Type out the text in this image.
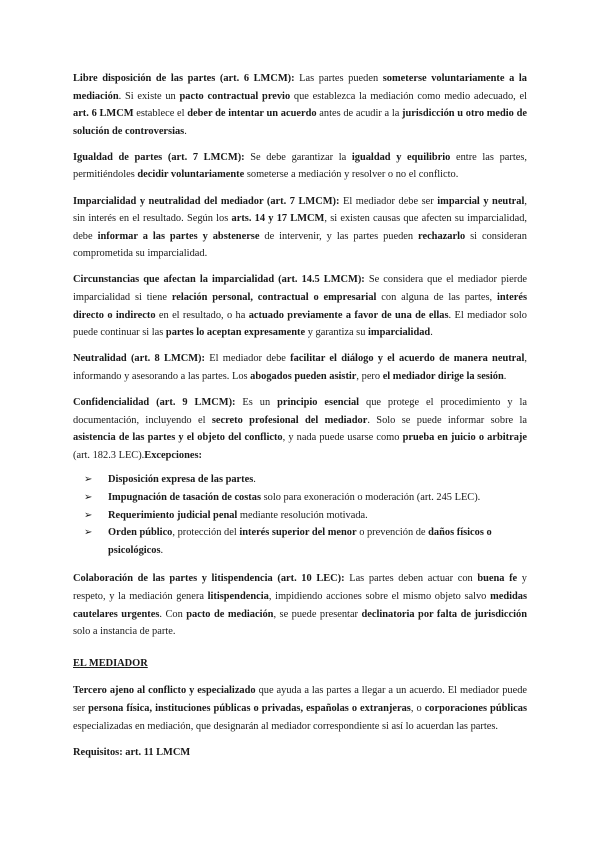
Libre disposición de las partes (art. 6 LMCM): Las partes pueden someterse voluntariamente a la mediación. Si existe un pacto contractual previo que establezca la mediación como medio adecuado, el art. 6 LMCM establece el deber de intentar un acuerdo antes de acudir a la jurisdicción u otro medio de solución de controversias.

Igualdad de partes (art. 7 LMCM): Se debe garantizar la igualdad y equilibrio entre las partes, permitiéndoles decidir voluntariamente someterse a mediación y resolver o no el conflicto.

Imparcialidad y neutralidad del mediador (art. 7 LMCM): El mediador debe ser imparcial y neutral, sin interés en el resultado. Según los arts. 14 y 17 LMCM, si existen causas que afecten su imparcialidad, debe informar a las partes y abstenerse de intervenir, y las partes pueden rechazarlo si consideran comprometida su imparcialidad.

Circunstancias que afectan la imparcialidad (art. 14.5 LMCM): Se considera que el mediador pierde imparcialidad si tiene relación personal, contractual o empresarial con alguna de las partes, interés directo o indirecto en el resultado, o ha actuado previamente a favor de una de ellas. El mediador solo puede continuar si las partes lo aceptan expresamente y garantiza su imparcialidad.

Neutralidad (art. 8 LMCM): El mediador debe facilitar el diálogo y el acuerdo de manera neutral, informando y asesorando a las partes. Los abogados pueden asistir, pero el mediador dirige la sesión.

Confidencialidad (art. 9 LMCM): Es un principio esencial que protege el procedimiento y la documentación, incluyendo el secreto profesional del mediador. Solo se puede informar sobre la asistencia de las partes y el objeto del conflicto, y nada puede usarse como prueba en juicio o arbitraje (art. 182.3 LEC).Excepciones:

➢ Disposición expresa de las partes.
➢ Impugnación de tasación de costas solo para exoneración o moderación (art. 245 LEC).
➢ Requerimiento judicial penal mediante resolución motivada.
➢ Orden público, protección del interés superior del menor o prevención de daños físicos o psicológicos.

Colaboración de las partes y litispendencia (art. 10 LEC): Las partes deben actuar con buena fe y respeto, y la mediación genera litispendencia, impidiendo acciones sobre el mismo objeto salvo medidas cautelares urgentes. Con pacto de mediación, se puede presentar declinatoria por falta de jurisdicción solo a instancia de parte.

EL MEDIADOR

Tercero ajeno al conflicto y especializado que ayuda a las partes a llegar a un acuerdo. El mediador puede ser persona física, instituciones públicas o privadas, españolas o extranjeras, o corporaciones públicas especializadas en mediación, que designarán al mediador correspondiente si así lo acuerdan las partes.

Requisitos: art. 11 LMCM
